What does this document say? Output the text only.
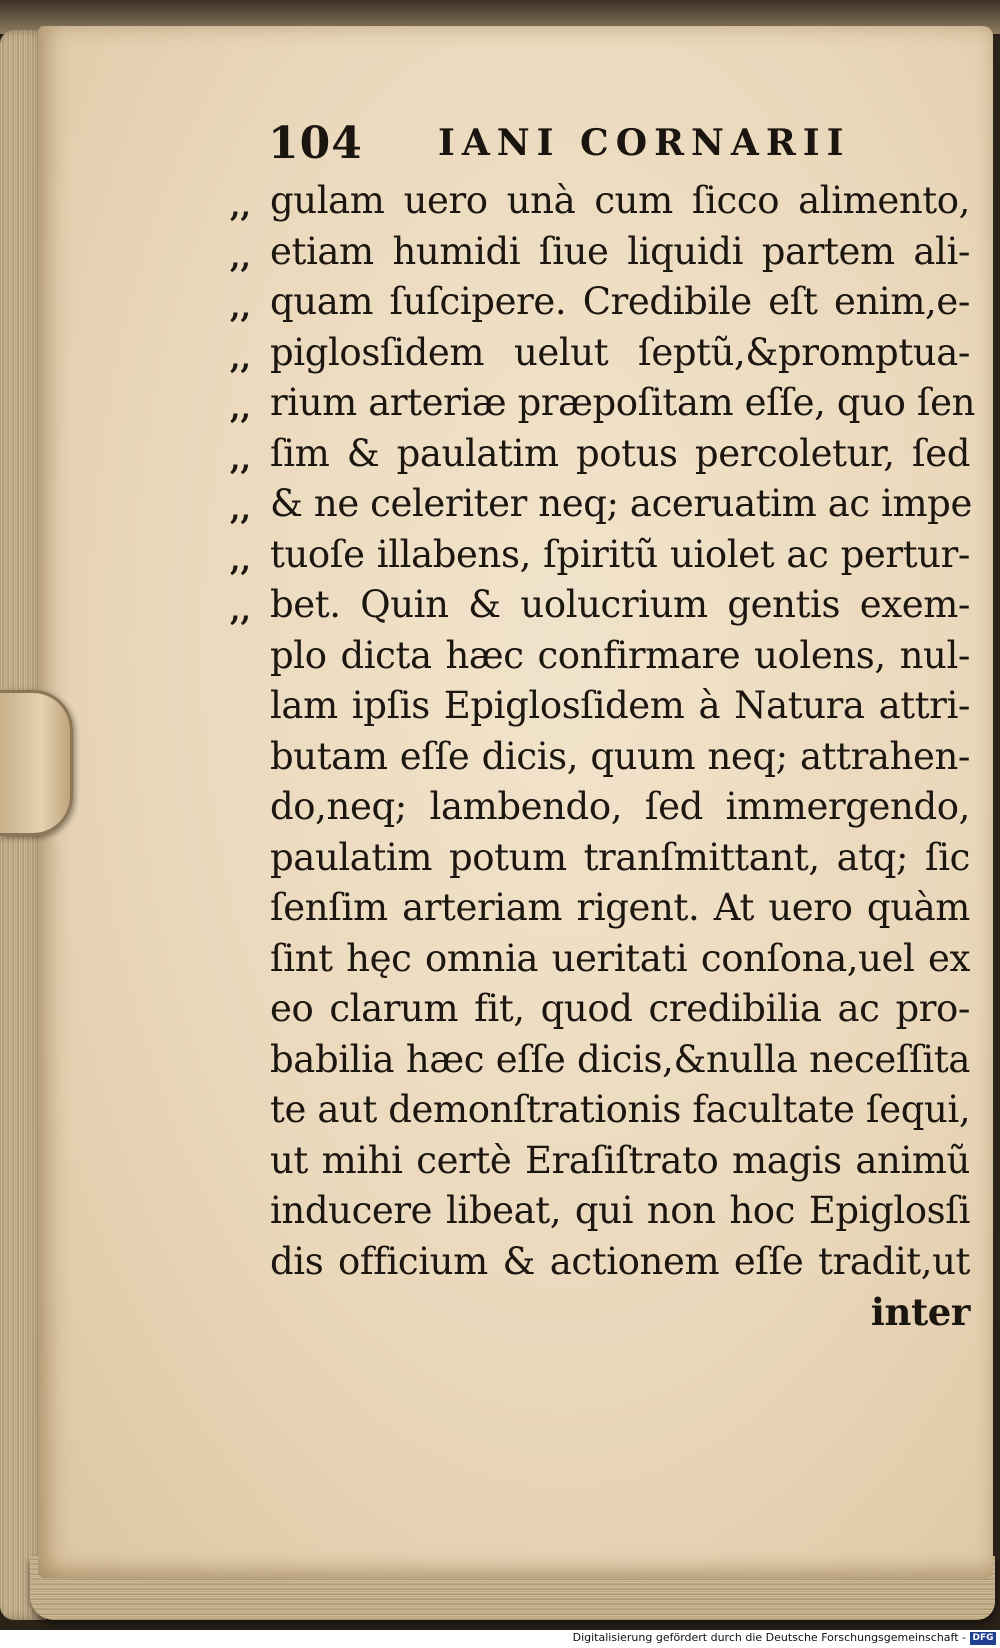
104 IANI CORNARII
,, gulam uero unà cum ſicco alimento,
,, etiam humidi ſiue liquidi partem ali-
,, quam ſuſcipere. Credibile eſt enim,e-
,, piglosſidem uelut ſeptũ,&promptua-
,, rium arteriæ præpoſitam eſſe, quo ſen
,, ſim & paulatim potus percoletur, ſed
,, & ne celeriter neq; aceruatim ac impe
,, tuoſe illabens, ſpiritũ uiolet ac pertur-
,, bet. Quin & uolucrium gentis exem-
plo dicta hæc confirmare uolens, nul-
lam ipſis Epiglosſidem à Natura attri-
butam eſſe dicis, quum neq; attrahen-
do,neq; lambendo, ſed immergendo,
paulatim potum tranſmittant, atq; ſic
ſenſim arteriam rigent. At uero quàm
ſint hęc omnia ueritati conſona,uel ex
eo clarum fit, quod credibilia ac pro-
babilia hæc eſſe dicis,&nulla neceſſita
te aut demonſtrationis facultate ſequi,
ut mihi certè Eraſiſtrato magis animũ
inducere libeat, qui non hoc Epiglosſi
dis officium & actionem eſſe tradit,ut
inter
Digitalisierung gefördert durch die Deutsche Forschungsgemeinschaft - DFG
